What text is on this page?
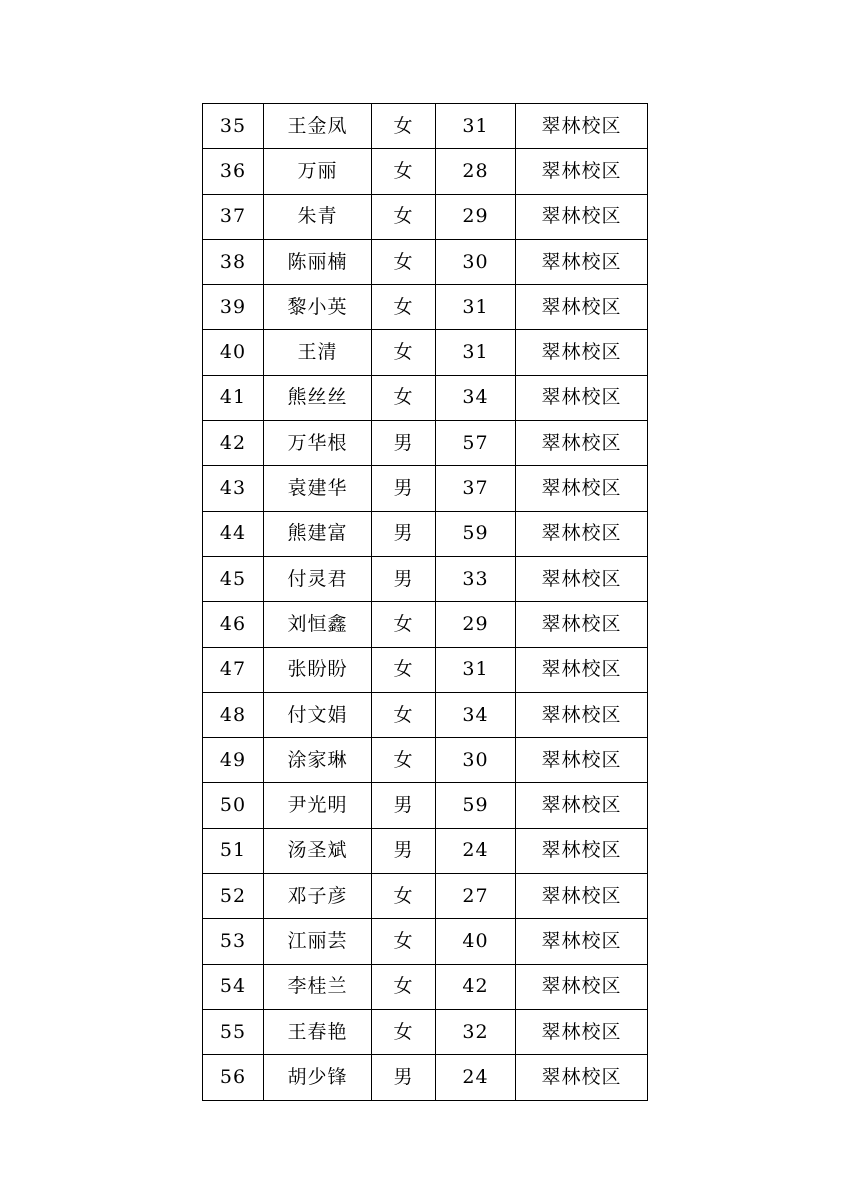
35	王金凤	女	31	翠林校区
36	万丽	女	28	翠林校区
37	朱青	女	29	翠林校区
38	陈丽楠	女	30	翠林校区
39	黎小英	女	31	翠林校区
40	王清	女	31	翠林校区
41	熊丝丝	女	34	翠林校区
42	万华根	男	57	翠林校区
43	袁建华	男	37	翠林校区
44	熊建富	男	59	翠林校区
45	付灵君	男	33	翠林校区
46	刘恒鑫	女	29	翠林校区
47	张盼盼	女	31	翠林校区
48	付文娟	女	34	翠林校区
49	涂家琳	女	30	翠林校区
50	尹光明	男	59	翠林校区
51	汤圣斌	男	24	翠林校区
52	邓子彦	女	27	翠林校区
53	江丽芸	女	40	翠林校区
54	李桂兰	女	42	翠林校区
55	王春艳	女	32	翠林校区
56	胡少锋	男	24	翠林校区
